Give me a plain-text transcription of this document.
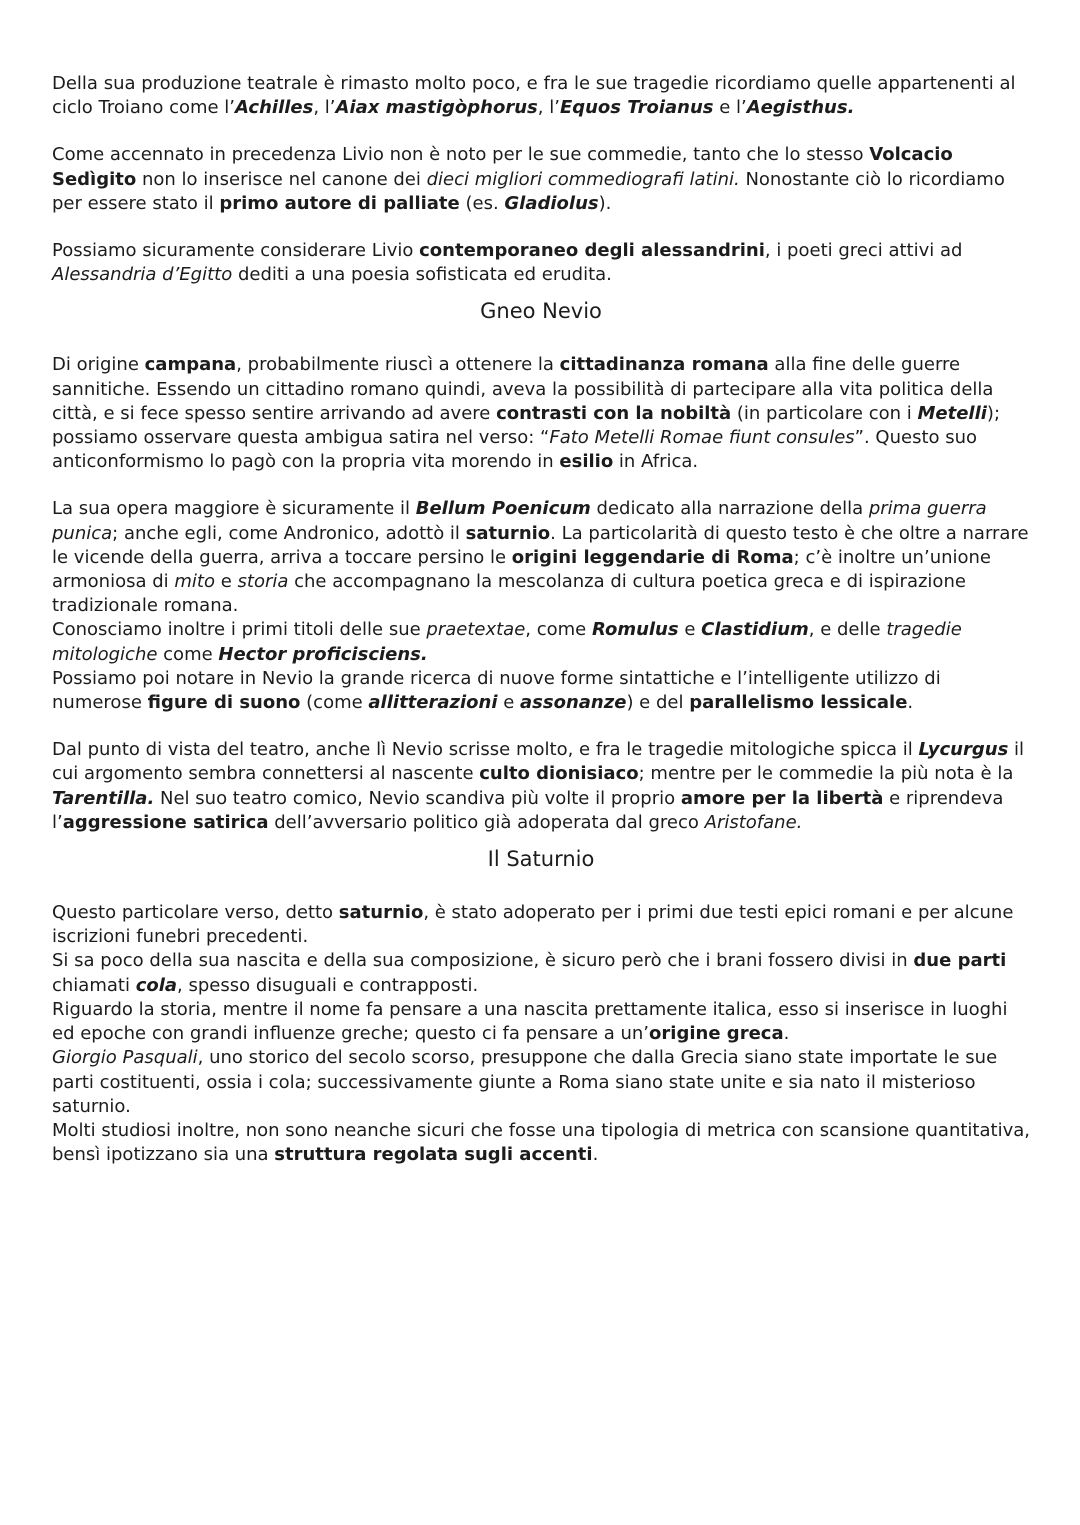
Della sua produzione teatrale è rimasto molto poco, e fra le sue tragedie ricordiamo quelle appartenenti al ciclo Troiano come l’Achilles, l’Aiax mastigòphorus, l’Equos Troianus e l’Aegisthus.

Come accennato in precedenza Livio non è noto per le sue commedie, tanto che lo stesso Volcacio Sedìgito non lo inserisce nel canone dei dieci migliori commediografi latini. Nonostante ciò lo ricordiamo per essere stato il primo autore di palliate (es. Gladiolus).

Possiamo sicuramente considerare Livio contemporaneo degli alessandrini, i poeti greci attivi ad Alessandria d’Egitto dediti a una poesia sofisticata ed erudita.

Gneo Nevio

Di origine campana, probabilmente riuscì a ottenere la cittadinanza romana alla fine delle guerre sannitiche. Essendo un cittadino romano quindi, aveva la possibilità di partecipare alla vita politica della città, e si fece spesso sentire arrivando ad avere contrasti con la nobiltà (in particolare con i Metelli); possiamo osservare questa ambigua satira nel verso: “Fato Metelli Romae fiunt consules”. Questo suo anticonformismo lo pagò con la propria vita morendo in esilio in Africa.

La sua opera maggiore è sicuramente il Bellum Poenicum dedicato alla narrazione della prima guerra punica; anche egli, come Andronico, adottò il saturnio. La particolarità di questo testo è che oltre a narrare le vicende della guerra, arriva a toccare persino le origini leggendarie di Roma; c’è inoltre un’unione armoniosa di mito e storia che accompagnano la mescolanza di cultura poetica greca e di ispirazione tradizionale romana.

Conosciamo inoltre i primi titoli delle sue praetextae, come Romulus e Clastidium, e delle tragedie mitologiche come Hector proficisciens.

Possiamo poi notare in Nevio la grande ricerca di nuove forme sintattiche e l’intelligente utilizzo di numerose figure di suono (come allitterazioni e assonanze) e del parallelismo lessicale.

Dal punto di vista del teatro, anche lì Nevio scrisse molto, e fra le tragedie mitologiche spicca il Lycurgus il cui argomento sembra connettersi al nascente culto dionisiaco; mentre per le commedie la più nota è la Tarentilla. Nel suo teatro comico, Nevio scandiva più volte il proprio amore per la libertà e riprendeva l’aggressione satirica dell’avversario politico già adoperata dal greco Aristofane.

Il Saturnio

Questo particolare verso, detto saturnio, è stato adoperato per i primi due testi epici romani e per alcune iscrizioni funebri precedenti.

Si sa poco della sua nascita e della sua composizione, è sicuro però che i brani fossero divisi in due parti chiamati cola, spesso disuguali e contrapposti.

Riguardo la storia, mentre il nome fa pensare a una nascita prettamente italica, esso si inserisce in luoghi ed epoche con grandi influenze greche; questo ci fa pensare a un’origine greca.

Giorgio Pasquali, uno storico del secolo scorso, presuppone che dalla Grecia siano state importate le sue parti costituenti, ossia i cola; successivamente giunte a Roma siano state unite e sia nato il misterioso saturnio.

Molti studiosi inoltre, non sono neanche sicuri che fosse una tipologia di metrica con scansione quantitativa, bensì ipotizzano sia una struttura regolata sugli accenti.
